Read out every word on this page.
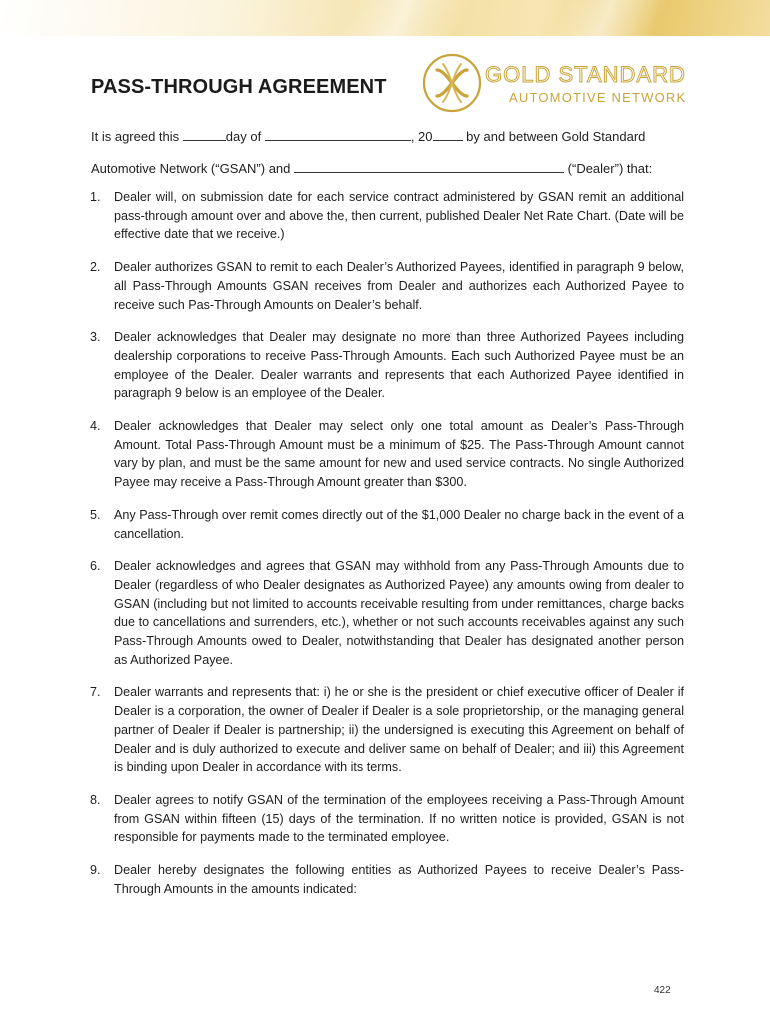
PASS-THROUGH AGREEMENT	GOLD STANDARD
AUTOMOTIVE NETWORK
It is agreed this	day of	, 20	by and between Gold Standard
Automotive Network (“GSAN”) and	(“Dealer”) that:
1. Dealer will, on submission date for each service contract administered by GSAN remit an additional pass-through amount over and above the, then current, published Dealer Net Rate Chart. (Date will be effective date that we receive.)
2. Dealer authorizes GSAN to remit to each Dealer’s Authorized Payees, identified in paragraph 9 below, all Pass-Through Amounts GSAN receives from Dealer and authorizes each Authorized Payee to receive such Pas-Through Amounts on Dealer’s behalf.
3. Dealer acknowledges that Dealer may designate no more than three Authorized Payees including dealership corporations to receive Pass-Through Amounts. Each such Authorized Payee must be an employee of the Dealer. Dealer warrants and represents that each Authorized Payee identified in paragraph 9 below is an employee of the Dealer.
4. Dealer acknowledges that Dealer may select only one total amount as Dealer’s Pass-Through Amount. Total Pass-Through Amount must be a minimum of $25. The Pass-Through Amount cannot vary by plan, and must be the same amount for new and used service contracts. No single Authorized Payee may receive a Pass-Through Amount greater than $300.
5. Any Pass-Through over remit comes directly out of the $1,000 Dealer no charge back in the event of a cancellation.
6. Dealer acknowledges and agrees that GSAN may withhold from any Pass-Through Amounts due to Dealer (regardless of who Dealer designates as Authorized Payee) any amounts owing from dealer to GSAN (including but not limited to accounts receivable resulting from under remittances, charge backs due to cancellations and surrenders, etc.), whether or not such accounts receivables against any such Pass-Through Amounts owed to Dealer, notwithstanding that Dealer has designated another person as Authorized Payee.
7. Dealer warrants and represents that: i) he or she is the president or chief executive officer of Dealer if Dealer is a corporation, the owner of Dealer if Dealer is a sole proprietorship, or the managing general partner of Dealer if Dealer is partnership; ii) the undersigned is executing this Agreement on behalf of Dealer and is duly authorized to execute and deliver same on behalf of Dealer; and iii) this Agreement is binding upon Dealer in accordance with its terms.
8. Dealer agrees to notify GSAN of the termination of the employees receiving a Pass-Through Amount from GSAN within fifteen (15) days of the termination. If no written notice is provided, GSAN is not responsible for payments made to the terminated employee.
9. Dealer hereby designates the following entities as Authorized Payees to receive Dealer’s Pass-Through Amounts in the amounts indicated:
422
